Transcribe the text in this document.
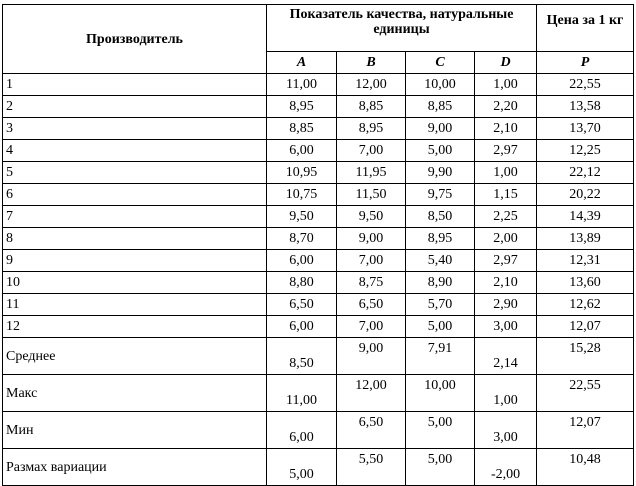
Производитель	Показатель качества, натуральные единицы				Цена за 1 кг
	A	B	C	D	P
1	11,00	12,00	10,00	1,00	22,55
2	8,95	8,85	8,85	2,20	13,58
3	8,85	8,95	9,00	2,10	13,70
4	6,00	7,00	5,00	2,97	12,25
5	10,95	11,95	9,90	1,00	22,12
6	10,75	11,50	9,75	1,15	20,22
7	9,50	9,50	8,50	2,25	14,39
8	8,70	9,00	8,95	2,00	13,89
9	6,00	7,00	5,40	2,97	12,31
10	8,80	8,75	8,90	2,10	13,60
11	6,50	6,50	5,70	2,90	12,62
12	6,00	7,00	5,00	3,00	12,07
Среднее	8,50	9,00	7,91	2,14	15,28
Макс	11,00	12,00	10,00	1,00	22,55
Мин	6,00	6,50	5,00	3,00	12,07
Размах вариации	5,00	5,50	5,00	-2,00	10,48
